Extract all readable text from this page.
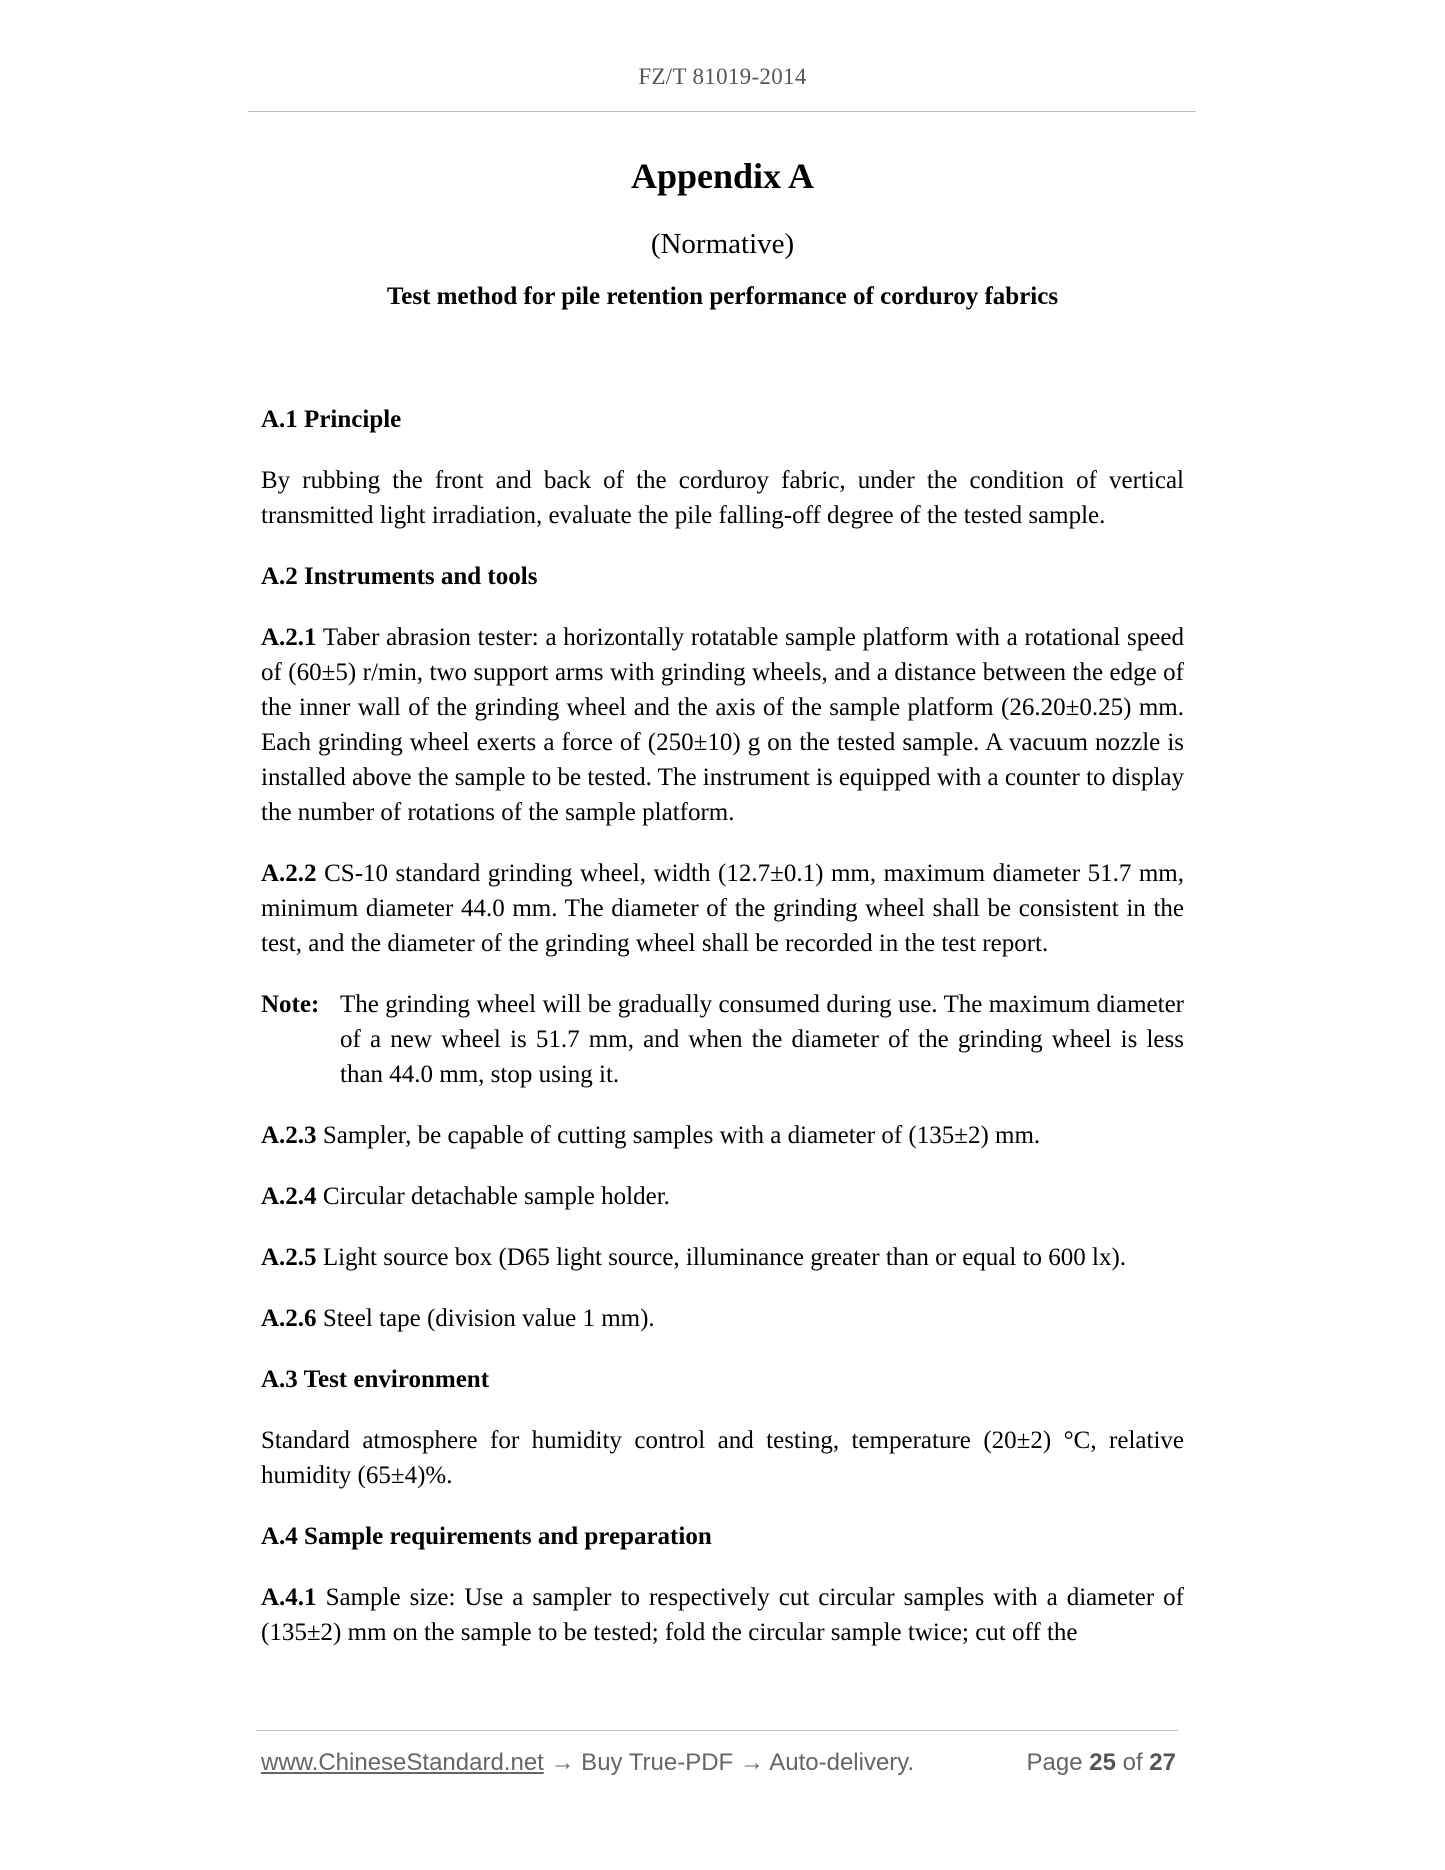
FZ/T 81019-2014
Appendix A
(Normative)
Test method for pile retention performance of corduroy fabrics

A.1 Principle

By rubbing the front and back of the corduroy fabric, under the condition of vertical transmitted light irradiation, evaluate the pile falling-off degree of the tested sample.

A.2 Instruments and tools

A.2.1 Taber abrasion tester: a horizontally rotatable sample platform with a rotational speed of (60±5) r/min, two support arms with grinding wheels, and a distance between the edge of the inner wall of the grinding wheel and the axis of the sample platform (26.20±0.25) mm. Each grinding wheel exerts a force of (250±10) g on the tested sample. A vacuum nozzle is installed above the sample to be tested. The instrument is equipped with a counter to display the number of rotations of the sample platform.

A.2.2 CS-10 standard grinding wheel, width (12.7±0.1) mm, maximum diameter 51.7 mm, minimum diameter 44.0 mm. The diameter of the grinding wheel shall be consistent in the test, and the diameter of the grinding wheel shall be recorded in the test report.

Note: The grinding wheel will be gradually consumed during use. The maximum diameter of a new wheel is 51.7 mm, and when the diameter of the grinding wheel is less than 44.0 mm, stop using it.

A.2.3 Sampler, be capable of cutting samples with a diameter of (135±2) mm.

A.2.4 Circular detachable sample holder.

A.2.5 Light source box (D65 light source, illuminance greater than or equal to 600 lx).

A.2.6 Steel tape (division value 1 mm).

A.3 Test environment

Standard atmosphere for humidity control and testing, temperature (20±2) °C, relative humidity (65±4)%.

A.4 Sample requirements and preparation

A.4.1 Sample size: Use a sampler to respectively cut circular samples with a diameter of (135±2) mm on the sample to be tested; fold the circular sample twice; cut off the

www.ChineseStandard.net → Buy True-PDF → Auto-delivery.	Page 25 of 27
